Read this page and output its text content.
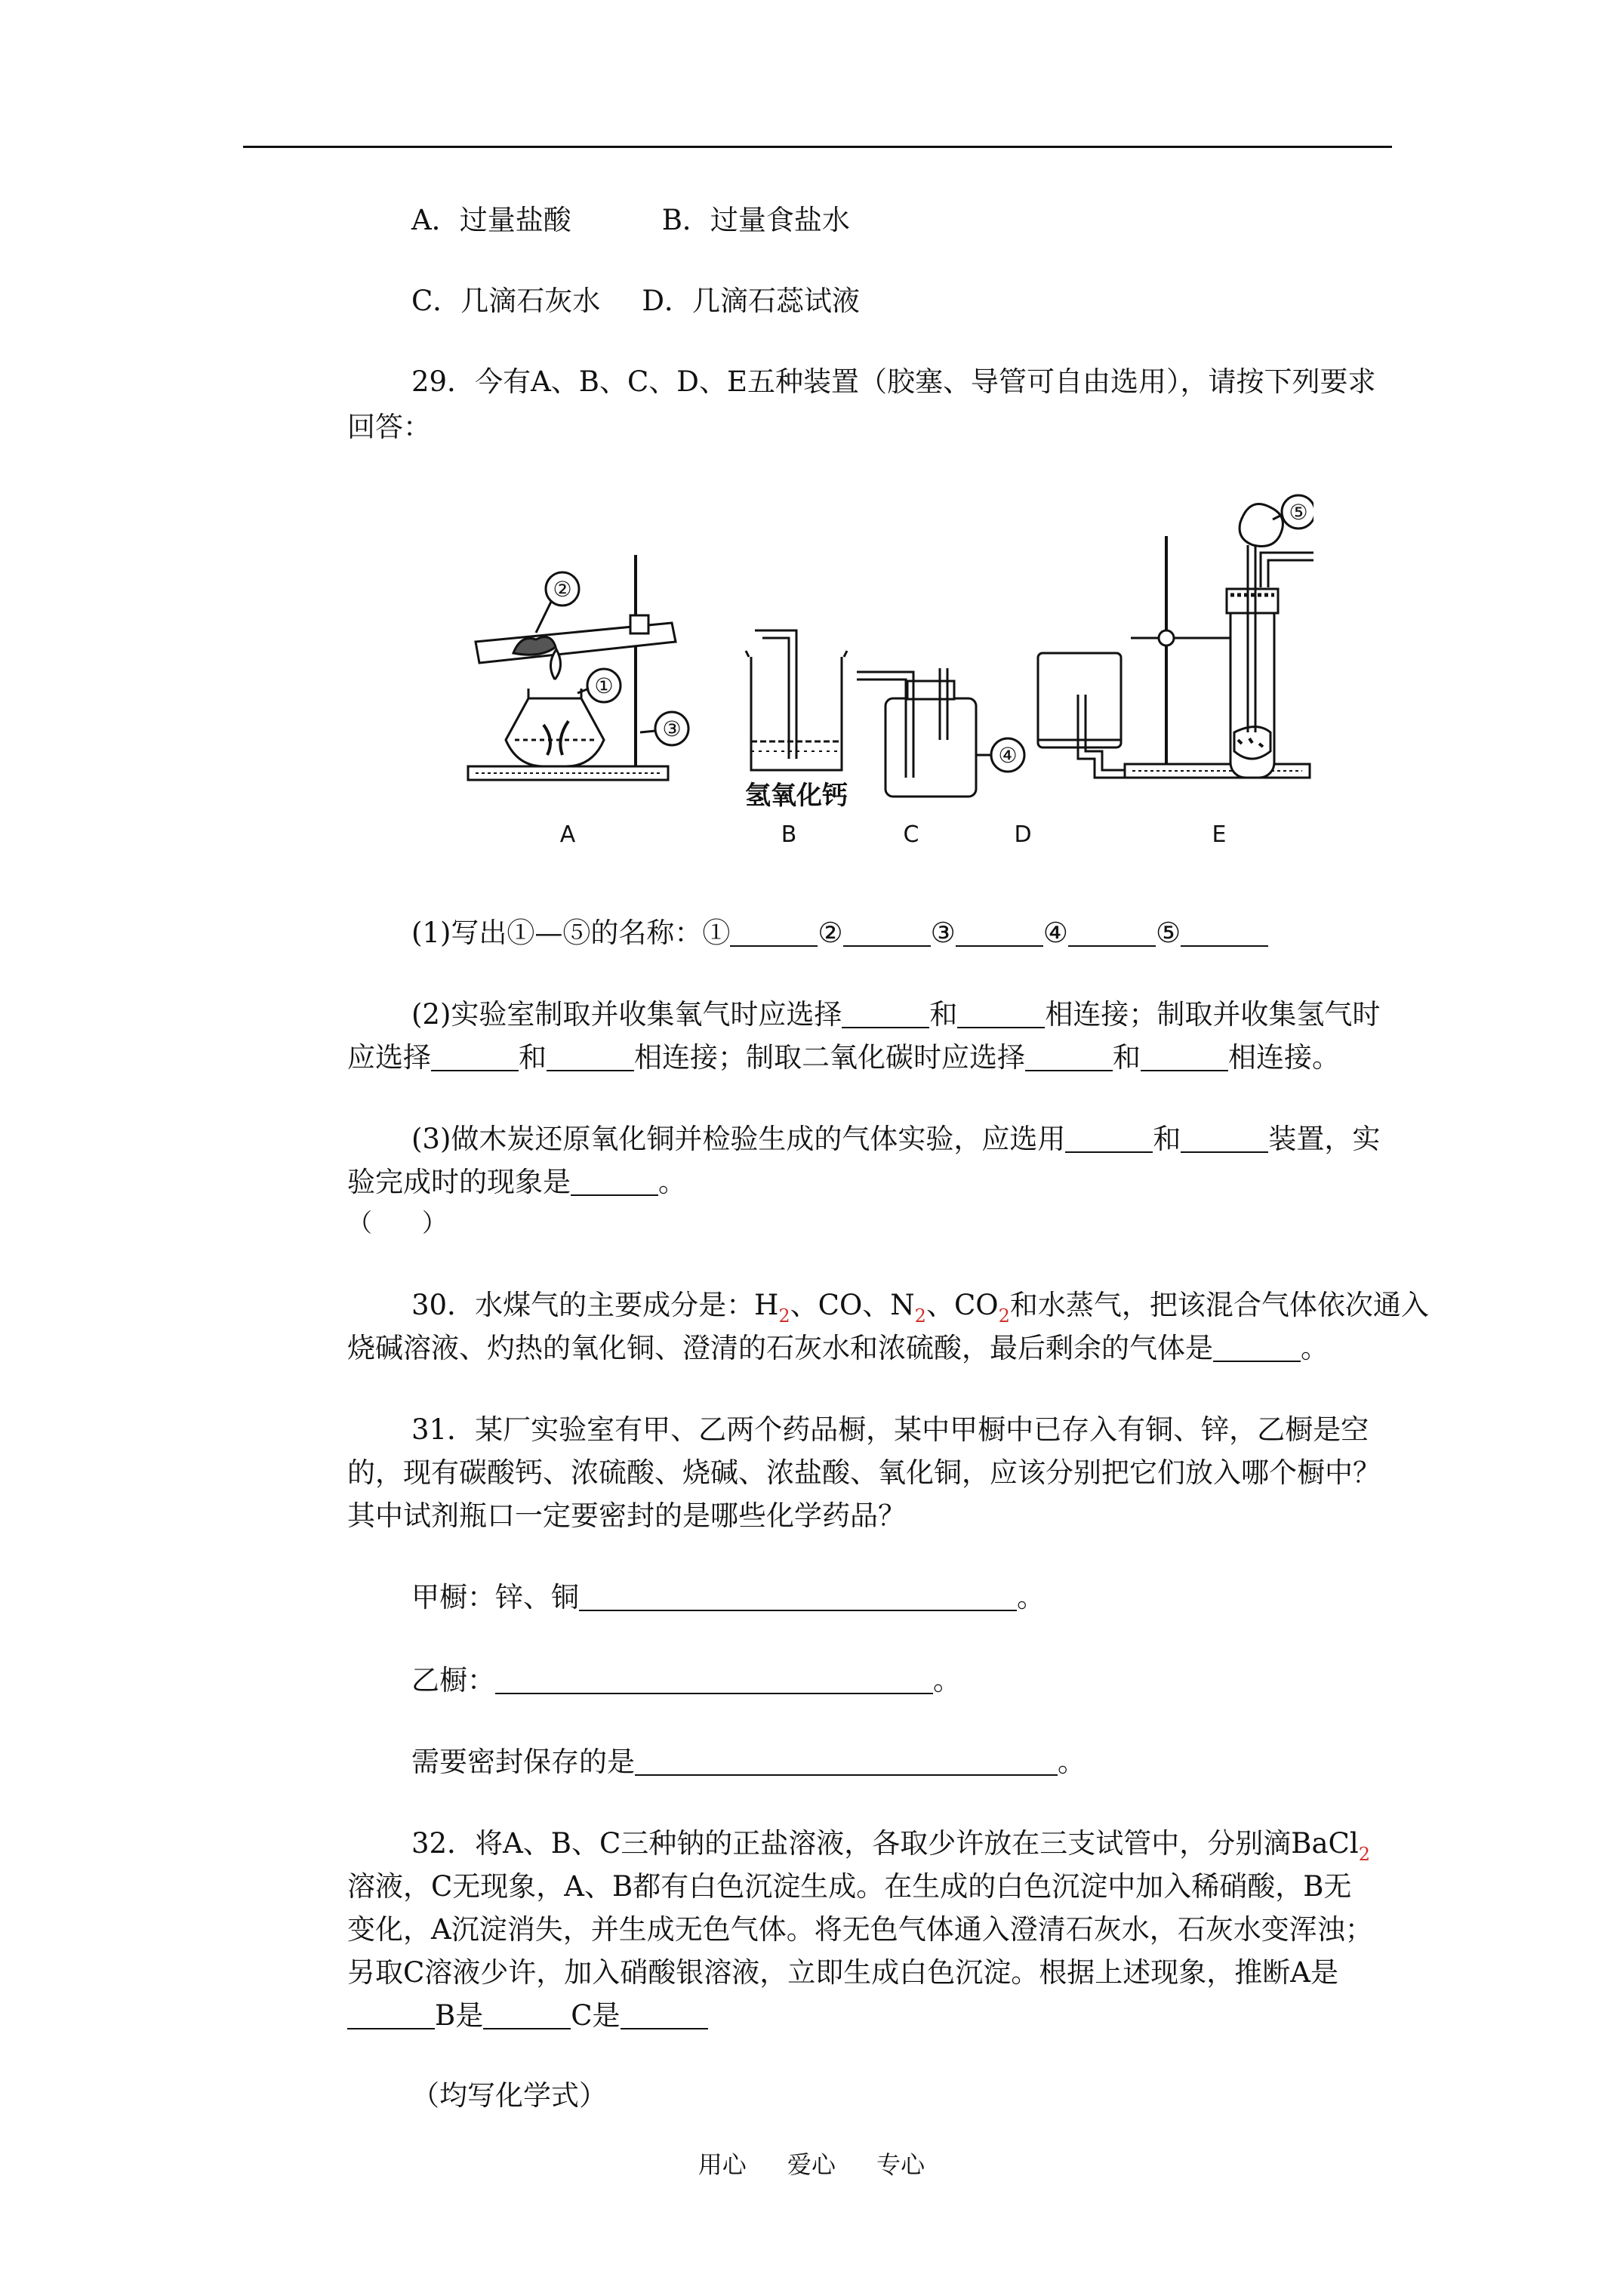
A．过量盐酸	B．过量食盐水
C．几滴石灰水 D．几滴石蕊试液
29．今有A、B、C、D、E五种装置（胶塞、导管可自由选用），请按下列要求
回答：
②
①
③
④
⑤
氢氧化钙
A	B	C	D	E
(1)写出①—⑤的名称：①	②	③	④	⑤
(2)实验室制取并收集氧气时应选择	和	相连接；制取并收集氢气时
应选择	和	相连接；制取二氧化碳时应选择	和	相连接。
(3)做木炭还原氧化铜并检验生成的气体实验，应选用	和	装置，实
验完成时的现象是	。
（　　）
30．水煤气的主要成分是：$H_2$、CO、$N_2$、$CO_2$和水蒸气，把该混合气体依次通入
烧碱溶液、灼热的氧化铜、澄清的石灰水和浓硫酸，最后剩余的气体是	。
31．某厂实验室有甲、乙两个药品橱，某中甲橱中已存入有铜、锌，乙橱是空
的，现有碳酸钙、浓硫酸、烧碱、浓盐酸、氧化铜，应该分别把它们放入哪个橱中？
其中试剂瓶口一定要密封的是哪些化学药品？
甲橱：锌、铜	。
乙橱：	。
需要密封保存的是	。
32．将A、B、C三种钠的正盐溶液，各取少许放在三支试管中，分别滴BaCl$_2$
溶液，C无现象，A、B都有白色沉淀生成。在生成的白色沉淀中加入稀硝酸，B无
变化，A沉淀消失，并生成无色气体。将无色气体通入澄清石灰水，石灰水变浑浊；
另取C溶液少许，加入硝酸银溶液，立即生成白色沉淀。根据上述现象，推断A是
B是	C是
（均写化学式）
用心 爱心 专心
